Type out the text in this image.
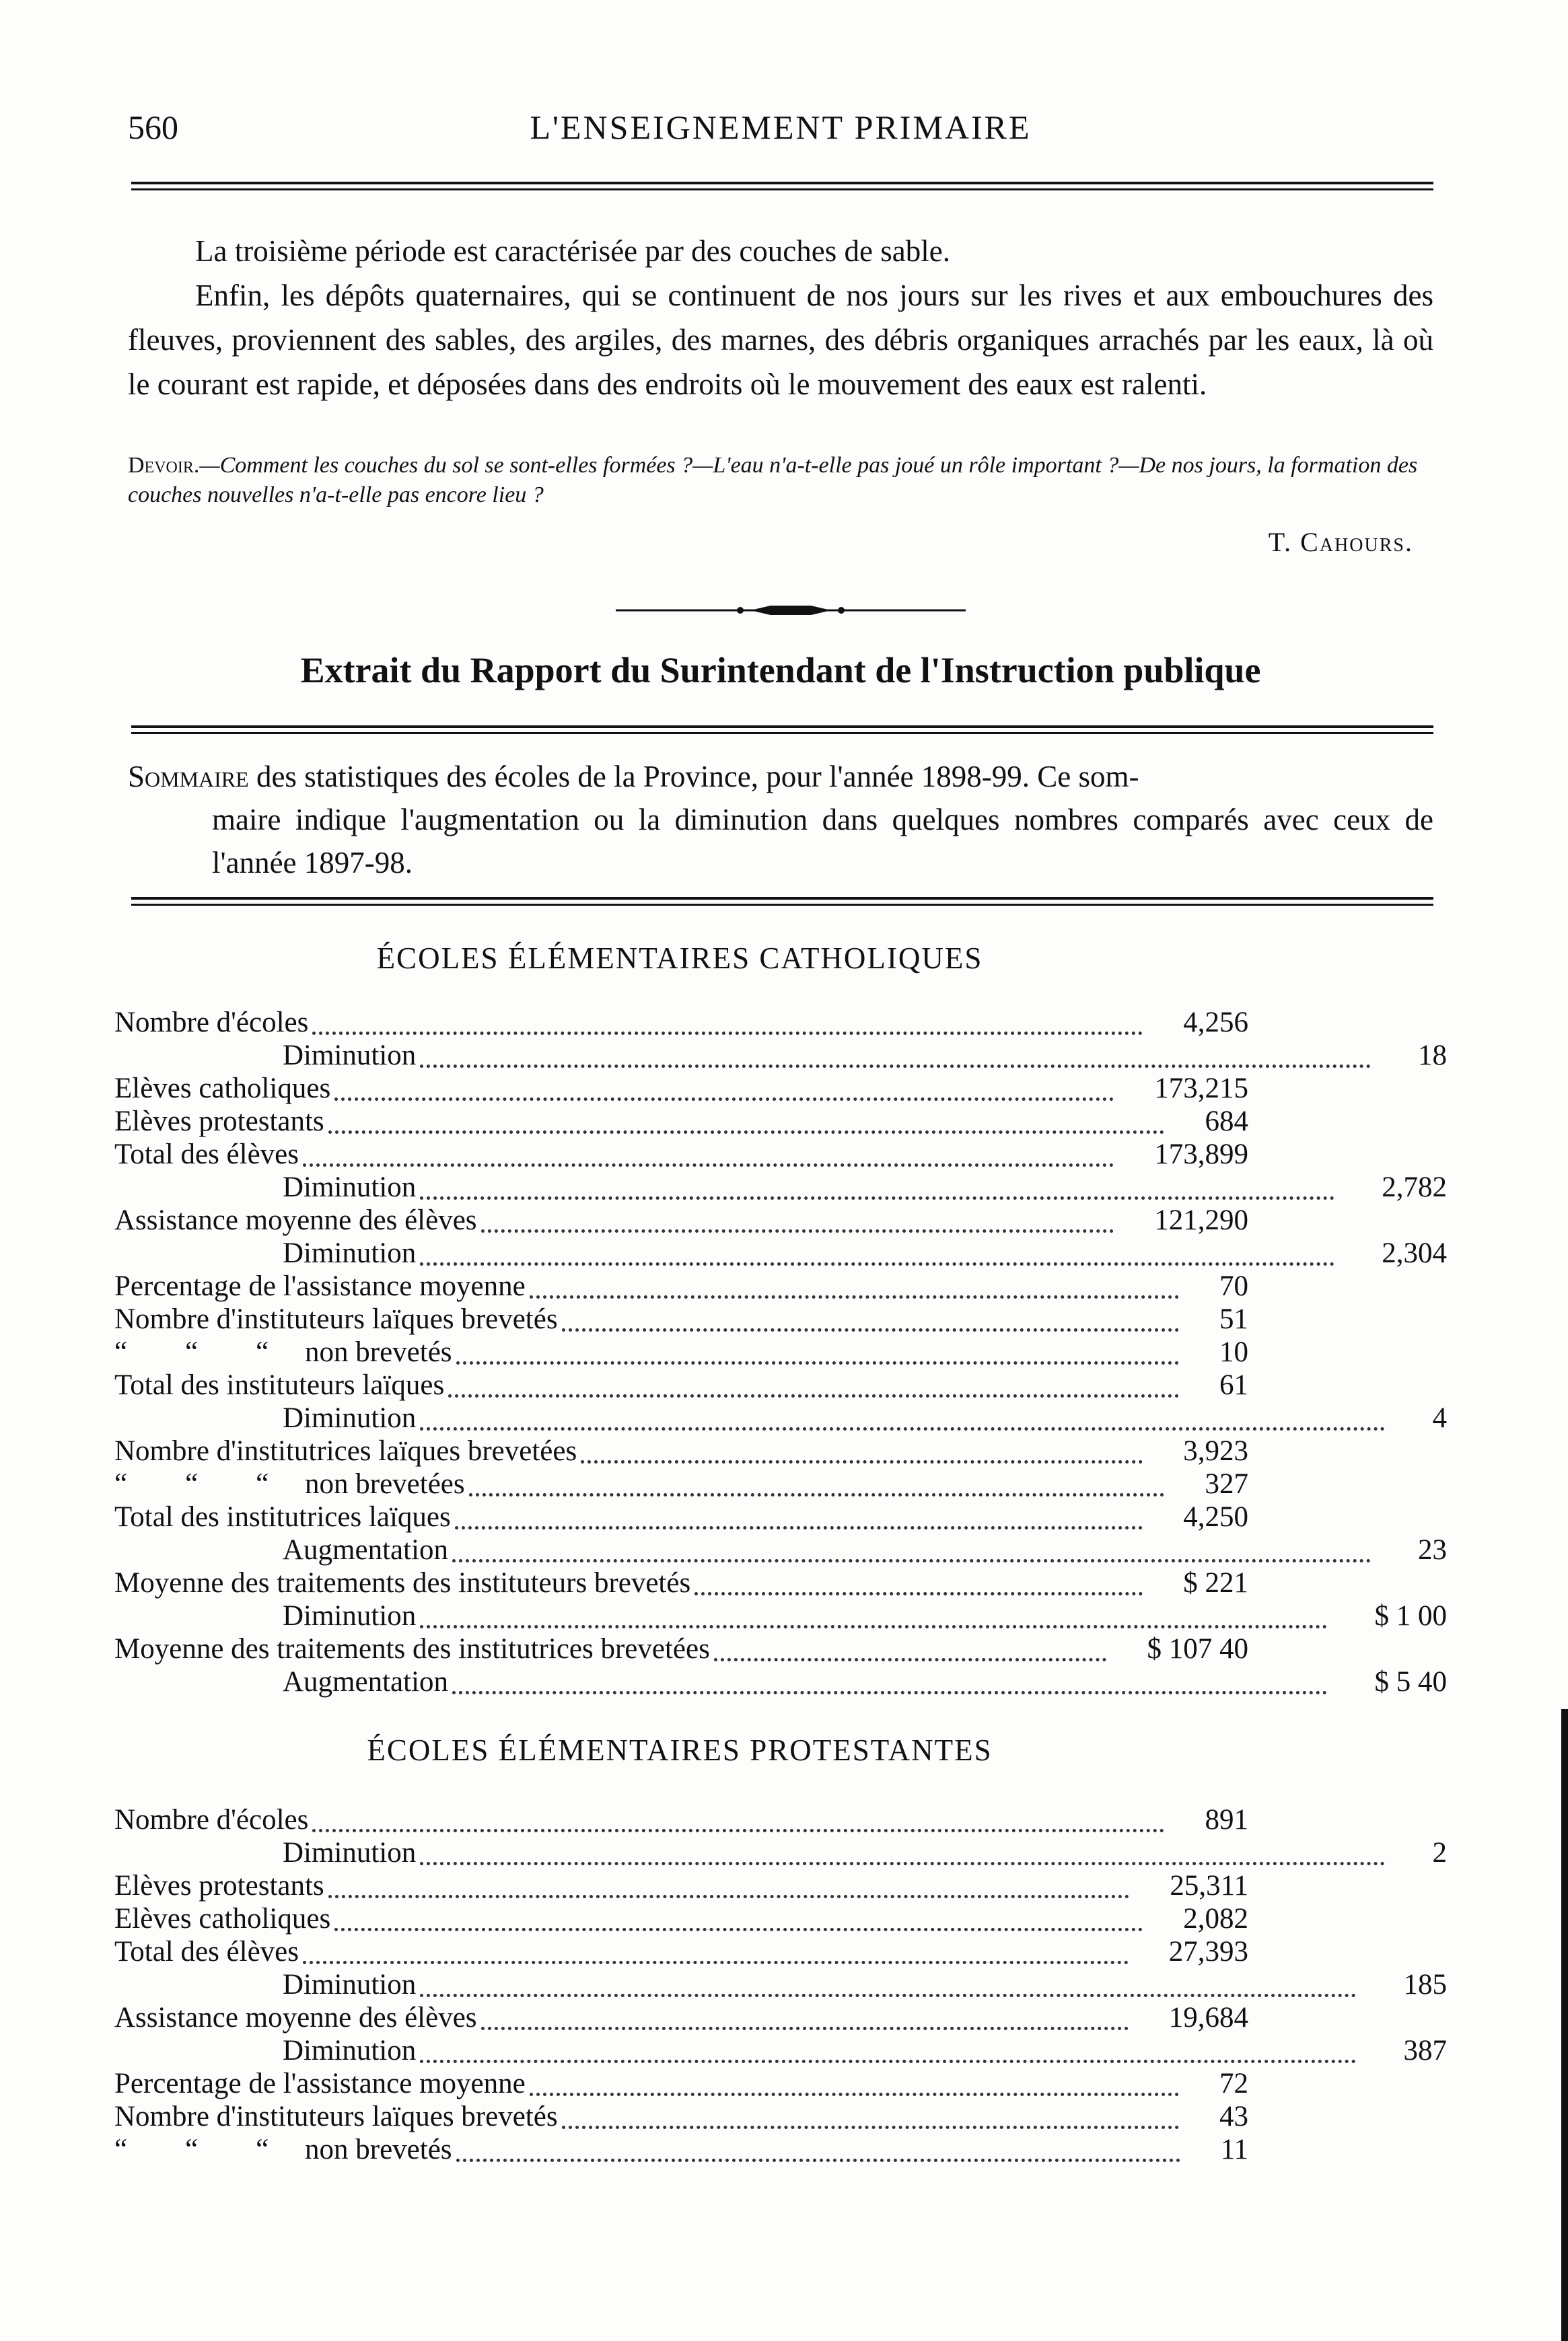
560	L'ENSEIGNEMENT PRIMAIRE

La troisième période est caractérisée par des couches de sable.

Enfin, les dépôts quaternaires, qui se continuent de nos jours sur les rives et aux embouchures des fleuves, proviennent des sables, des argiles, des marnes, des débris organiques arrachés par les eaux, là où le courant est rapide, et déposées dans des endroits où le mouvement des eaux est ralenti.

Devoir.—Comment les couches du sol se sont-elles formées ?—L'eau n'a-t-elle pas joué un rôle important ?—De nos jours, la formation des couches nouvelles n'a-t-elle pas encore lieu ?
T. Cahours.
Extrait du Rapport du Surintendant de l'Instruction publique
Sommaire des statistiques des écoles de la Province, pour l'année 1898-99. Ce som-
maire indique l'augmentation ou la diminution dans quelques nombres comparés avec ceux de l'année 1897-98.
ÉCOLES ÉLÉMENTAIRES CATHOLIQUES
Nombre d'écoles	4,256
Diminution	18
Elèves catholiques	173,215
Elèves protestants	684
Total des élèves	173,899
Diminution	2,782
Assistance moyenne des élèves	121,290
Diminution	2,304
Percentage de l'assistance moyenne	70
Nombre d'instituteurs laïques brevetés	51
“        “        “     non brevetés	10
Total des instituteurs laïques	61
Diminution	4
Nombre d'institutrices laïques brevetées	3,923
“        “        “     non brevetées	327
Total des institutrices laïques	4,250
Augmentation	23
Moyenne des traitements des instituteurs brevetés	$ 221
Diminution	$ 1 00
Moyenne des traitements des institutrices brevetées	$ 107 40
Augmentation	$ 5 40
ÉCOLES ÉLÉMENTAIRES PROTESTANTES
Nombre d'écoles	891
Diminution	2
Elèves protestants	25,311
Elèves catholiques	2,082
Total des élèves	27,393
Diminution	185
Assistance moyenne des élèves	19,684
Diminution	387
Percentage de l'assistance moyenne	72
Nombre d'instituteurs laïques brevetés	43
“        “        “     non brevetés	11
